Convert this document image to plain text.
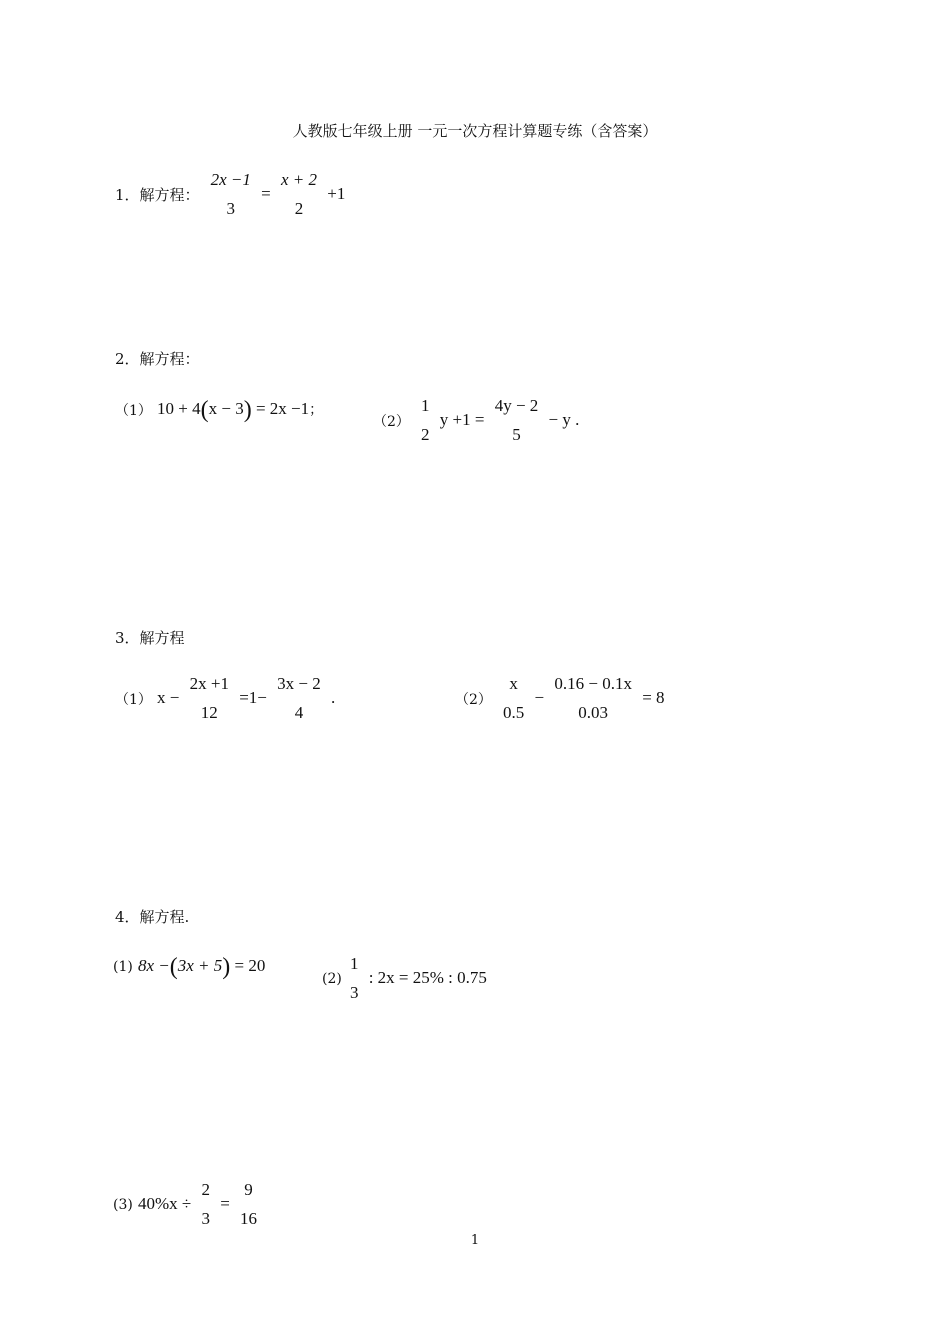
人教版七年级上册 一元一次方程计算题专练（含答案）
1．解方程：
2x −1
3
=
x + 2
2
+1
2．解方程：
（1） 10 + 4(x − 3) = 2x −1；
（2）
1
2
y +1 =
4y − 2
5
− y .
3．解方程
（1） x −
2x +1
12
=1−
3x − 2
4
.	（2）
x
0.5
−
0.16 − 0.1x
0.03
= 8
4．解方程.
(1) 8x −(3x + 5) = 20
(2)
1
3
: 2x = 25% : 0.75
(3) 40%x ÷
2
3
=
9
16
1
